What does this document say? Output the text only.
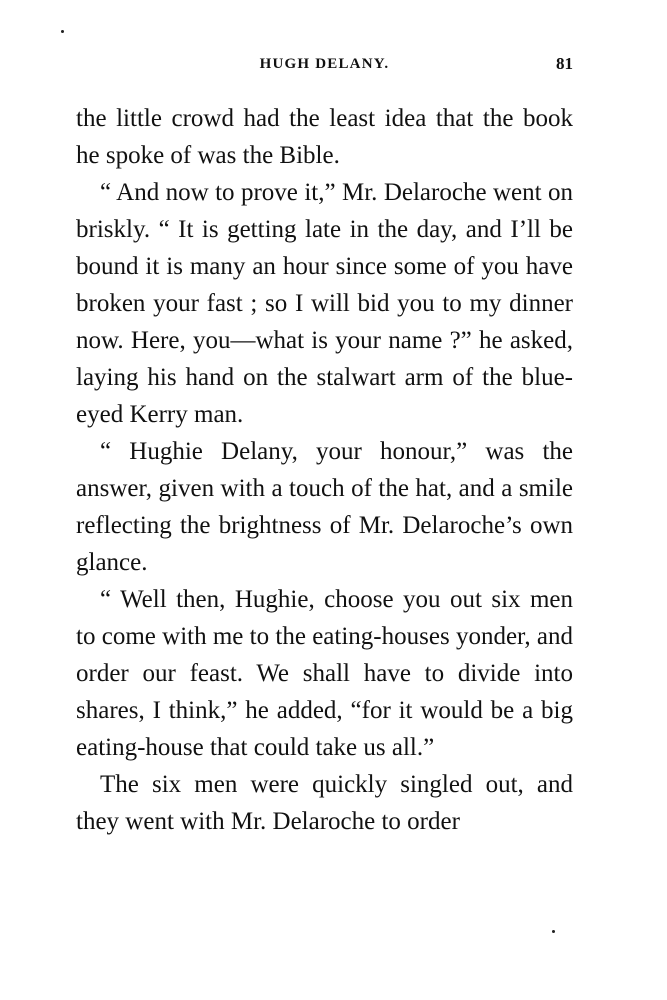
HUGH DELANY.	81

the little crowd had the least idea that the book he spoke of was the Bible.

“ And now to prove it,” Mr. Delaroche went on briskly. “ It is getting late in the day, and I’ll be bound it is many an hour since some of you have broken your fast ; so I will bid you to my dinner now. Here, you—what is your name ?” he asked, laying his hand on the stalwart arm of the blue-eyed Kerry man.

“ Hughie Delany, your honour,” was the answer, given with a touch of the hat, and a smile reflecting the brightness of Mr. Delaroche’s own glance.

“ Well then, Hughie, choose you out six men to come with me to the eating-houses yonder, and order our feast. We shall have to divide into shares, I think,” he added, “for it would be a big eating-house that could take us all.”

The six men were quickly singled out, and they went with Mr. Delaroche to order
